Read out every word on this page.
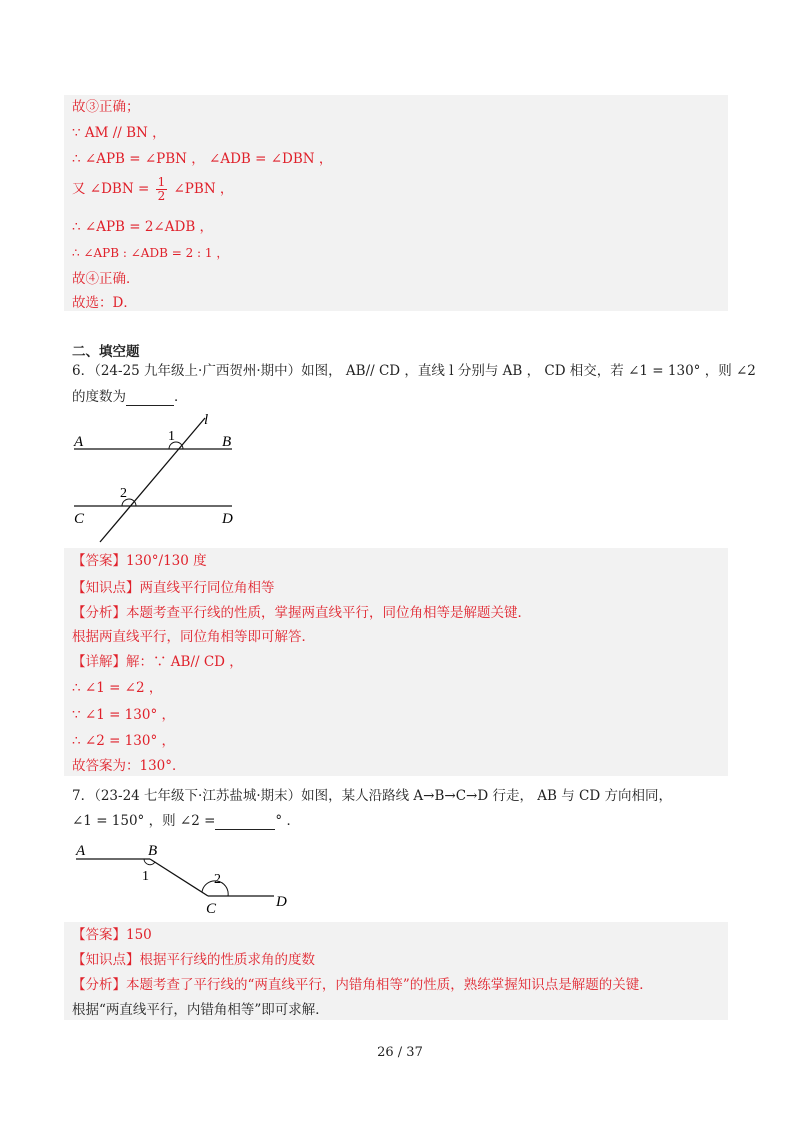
故③正确；
∵ AM // BN ，
∴ ∠APB = ∠PBN ， ∠ADB = ∠DBN ，
又 ∠DBN = $\frac{1}{2}$ ∠PBN ，
∴ ∠APB = 2∠ADB ，
∴ ∠APB : ∠ADB = 2 : 1 ，
故④正确．
故选：D．
二、填空题
6．（24-25 九年级上·广西贺州·期中）如图， AB// CD ，直线 l 分别与 AB ， CD 相交，若 ∠1 = 130° ，则 ∠2
的度数为	．
A	B
C	D
l
1
2
【答案】130°/130 度
【知识点】两直线平行同位角相等
【分析】本题考查平行线的性质，掌握两直线平行，同位角相等是解题关键．
根据两直线平行，同位角相等即可解答．
【详解】解：∵ AB// CD ，
∴ ∠1 = ∠2 ，
∵ ∠1 = 130° ，
∴ ∠2 = 130° ，
故答案为：130°．
7．（23-24 七年级下·江苏盐城·期末）如图，某人沿路线 A→B→C→D 行走， AB 与 CD 方向相同，
∠1 = 150° ，则 ∠2 =	° ．
A	B
C	D
1	2
【答案】150
【知识点】根据平行线的性质求角的度数
【分析】本题考查了平行线的“两直线平行，内错角相等”的性质，熟练掌握知识点是解题的关键．
根据“两直线平行，内错角相等”即可求解．
26 / 37
